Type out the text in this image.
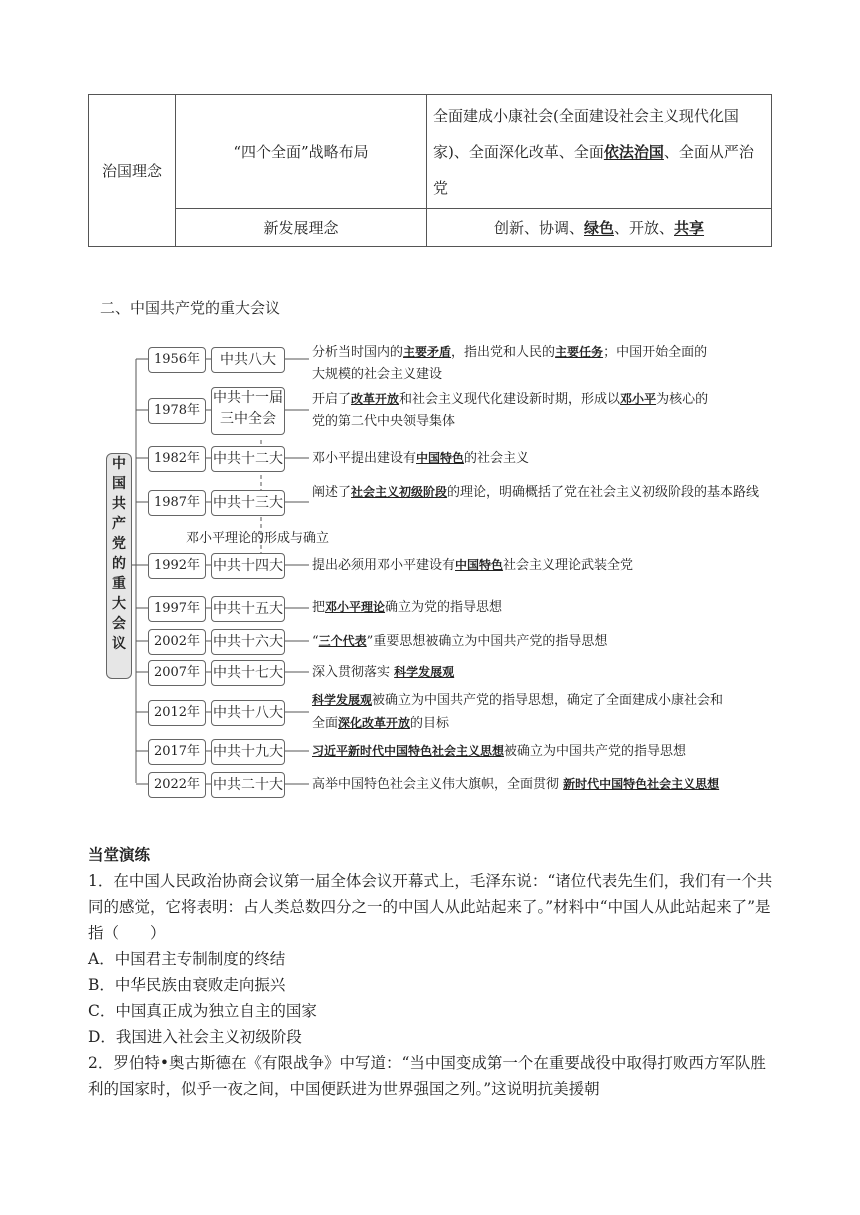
治国理念	“四个全面”战略布局	全面建成小康社会(全面建设社会主义现代化国家)、全面深化改革、全面依法治国、全面从严治党
	新发展理念	创新、协调、绿色、开放、共享
二、中国共产党的重大会议
中
国
共
产
党
的
重
大
会
议
邓小平理论的形成与确立
1956年	中共八大	分析当时国内的主要矛盾，指出党和人民的主要任务；中国开始全面的
大规模的社会主义建设
1978年
中共十一届
三中全会
开启了改革开放和社会主义现代化建设新时期，形成以邓小平为核心的
党的第二代中央领导集体
1982年 中共十二大 邓小平提出建设有中国特色的社会主义
1987年 中共十三大
阐述了社会主义初级阶段的理论，明确概括了党在社会主义初级阶段的基本路线
1992年 中共十四大 提出必须用邓小平建设有中国特色社会主义理论武装全党
1997年 中共十五大 把邓小平理论确立为党的指导思想
2002年 中共十六大 “三个代表”重要思想被确立为中国共产党的指导思想
2007年 中共十七大 深入贯彻落实 科学发展观
2012年 中共十八大
科学发展观被确立为中国共产党的指导思想，确定了全面建成小康社会和
全面深化改革开放的目标
2017年 中共十九大 习近平新时代中国特色社会主义思想被确立为中国共产党的指导思想
2022年 中共二十大 高举中国特色社会主义伟大旗帜，全面贯彻 新时代中国特色社会主义思想

当堂演练

1．在中国人民政治协商会议第一届全体会议开幕式上，毛泽东说：“诸位代表先生们，我们有一个共同的感觉，它将表明：占人类总数四分之一的中国人从此站起来了。”材料中“中国人从此站起来了”是指（　　）

A．中国君主专制制度的终结

B．中华民族由衰败走向振兴

C．中国真正成为独立自主的国家

D．我国进入社会主义初级阶段

2．罗伯特•奥古斯德在《有限战争》中写道：“当中国变成第一个在重要战役中取得打败西方军队胜利的国家时，似乎一夜之间，中国便跃进为世界强国之列。”这说明抗美援朝
